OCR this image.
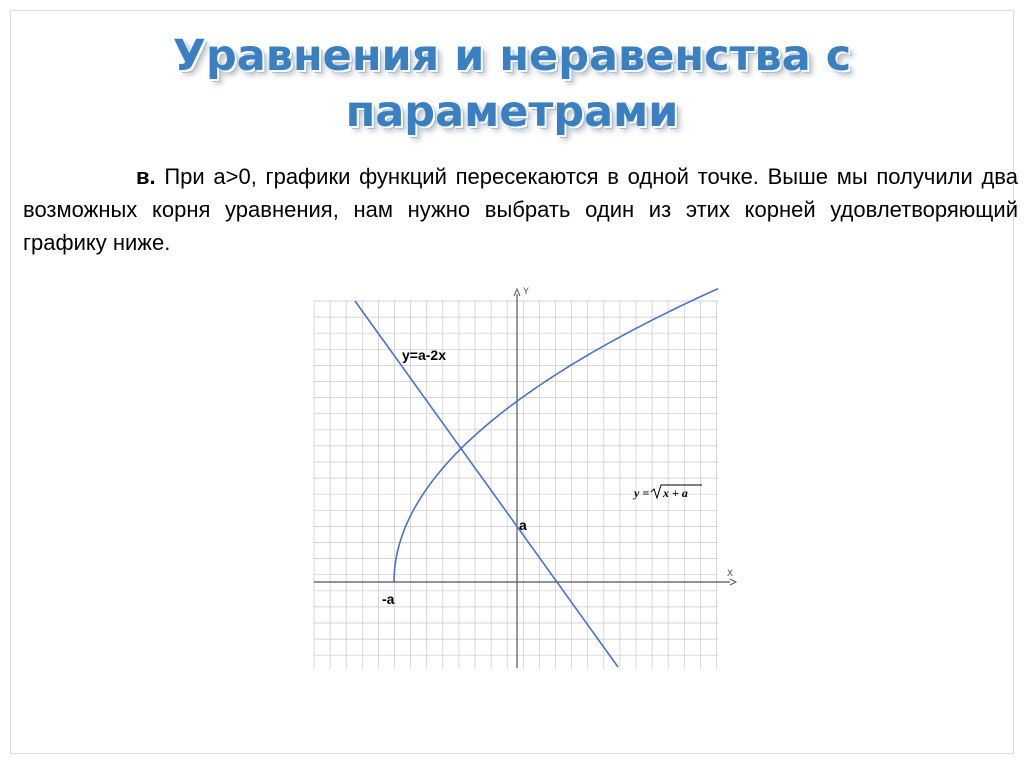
Уравнения и неравенства с
параметрами
в. При a>0, графики функций пересекаются в одной точке. Выше мы получили два возможных корня уравнения, нам нужно выбрать один из этих корней удовлетворяющий графику ниже.
X
Y
y=a-2x
y = x + a
a
-a
